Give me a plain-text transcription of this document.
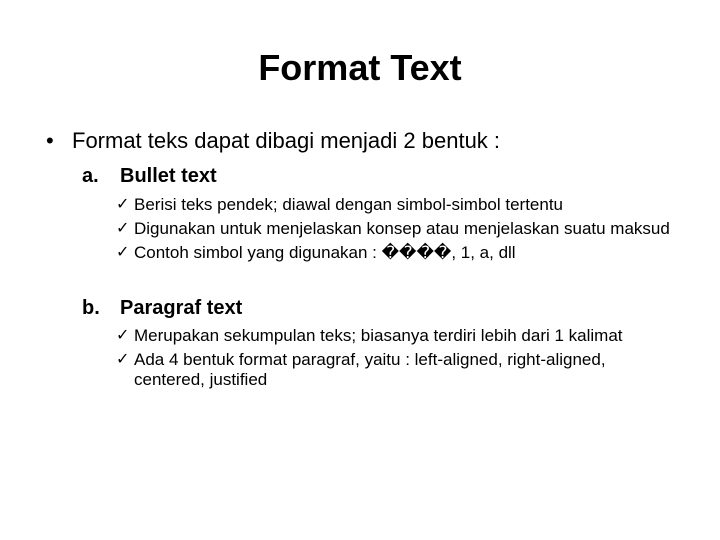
Format Text
• Format teks dapat dibagi menjadi 2 bentuk :
a. Bullet text
✓ Berisi teks pendek; diawal dengan simbol-simbol tertentu
✓ Digunakan untuk menjelaskan konsep atau menjelaskan suatu maksud
✓ Contoh simbol yang digunakan : ����, 1, a, dll
b. Paragraf text
✓ Merupakan sekumpulan teks; biasanya terdiri lebih dari 1 kalimat
✓ Ada 4 bentuk format paragraf, yaitu : left-aligned, right-aligned, centered, justified
